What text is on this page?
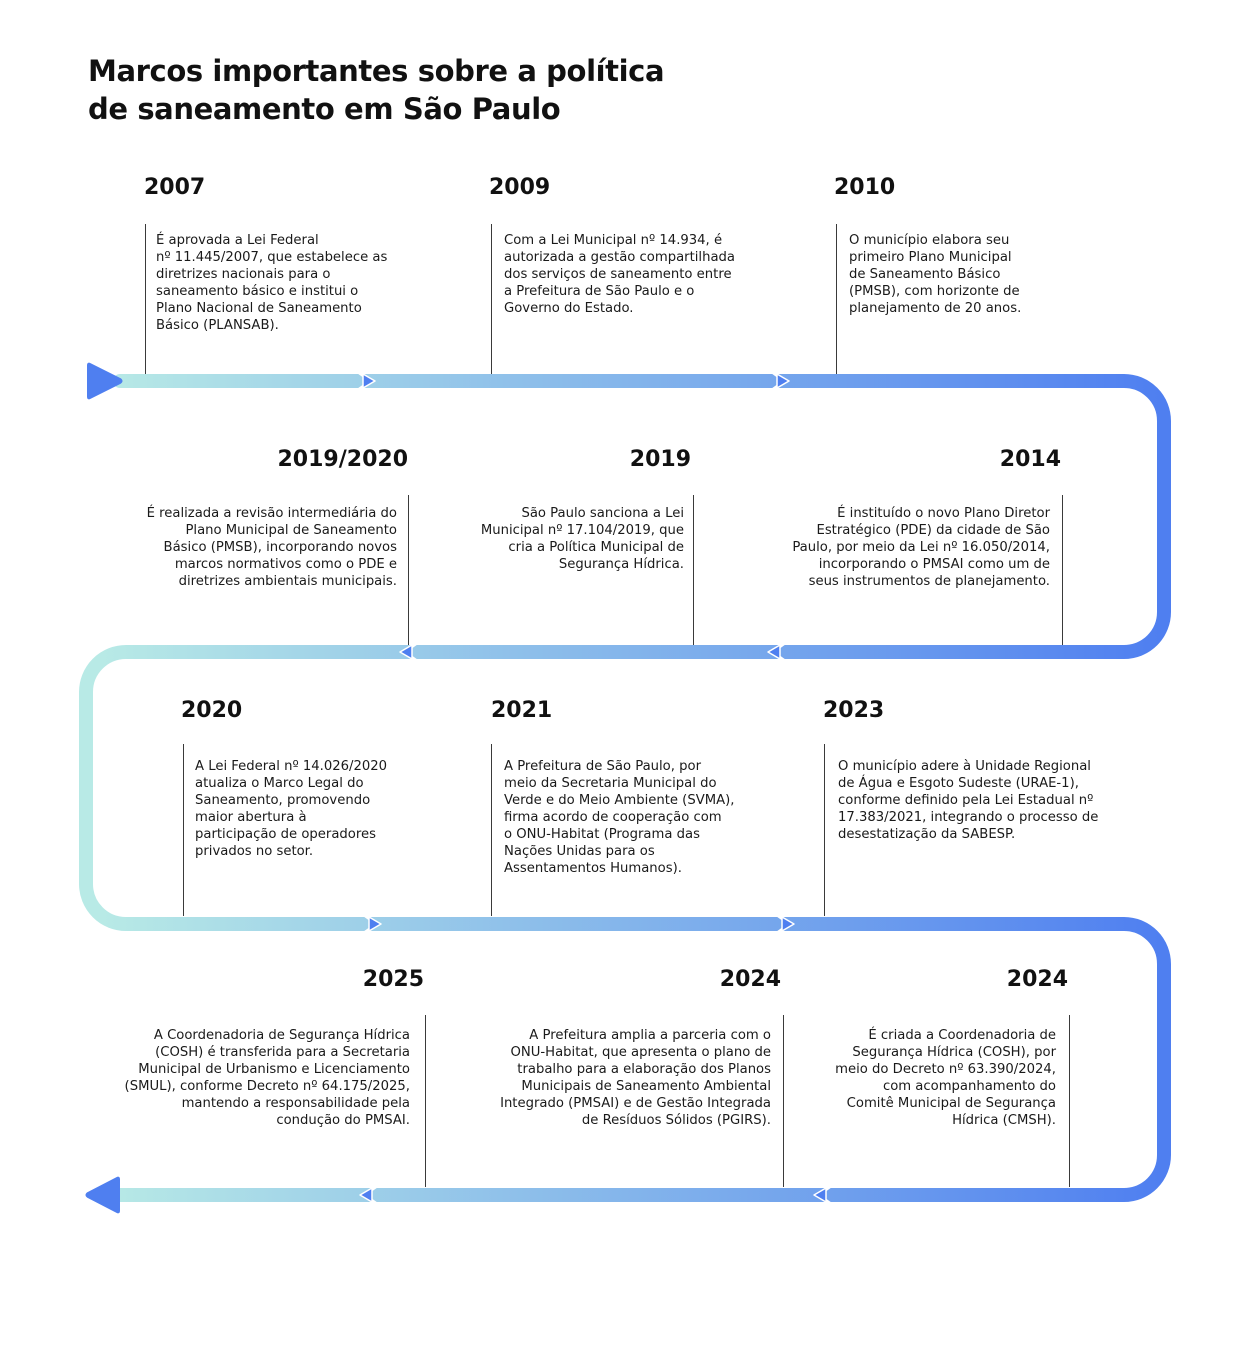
Marcos importantes sobre a política
de saneamento em São Paulo
2007
É aprovada a Lei Federal
nº 11.445/2007, que estabelece as
diretrizes nacionais para o
saneamento básico e institui o
Plano Nacional de Saneamento
Básico (PLANSAB).
2009
Com a Lei Municipal nº 14.934, é
autorizada a gestão compartilhada
dos serviços de saneamento entre
a Prefeitura de São Paulo e o
Governo do Estado.
2010
O município elabora seu
primeiro Plano Municipal
de Saneamento Básico
(PMSB), com horizonte de
planejamento de 20 anos.
2019/2020
É realizada a revisão intermediária do
Plano Municipal de Saneamento
Básico (PMSB), incorporando novos
marcos normativos como o PDE e
diretrizes ambientais municipais.
2019
São Paulo sanciona a Lei
Municipal nº 17.104/2019, que
cria a Política Municipal de
Segurança Hídrica.
2014
É instituído o novo Plano Diretor
Estratégico (PDE) da cidade de São
Paulo, por meio da Lei nº 16.050/2014,
incorporando o PMSAI como um de
seus instrumentos de planejamento.
2020
A Lei Federal nº 14.026/2020
atualiza o Marco Legal do
Saneamento, promovendo
maior abertura à
participação de operadores
privados no setor.
2021
A Prefeitura de São Paulo, por
meio da Secretaria Municipal do
Verde e do Meio Ambiente (SVMA),
firma acordo de cooperação com
o ONU-Habitat (Programa das
Nações Unidas para os
Assentamentos Humanos).
2023
O município adere à Unidade Regional
de Água e Esgoto Sudeste (URAE-1),
conforme definido pela Lei Estadual nº
17.383/2021, integrando o processo de
desestatização da SABESP.
2025
A Coordenadoria de Segurança Hídrica
(COSH) é transferida para a Secretaria
Municipal de Urbanismo e Licenciamento
(SMUL), conforme Decreto nº 64.175/2025,
mantendo a responsabilidade pela
condução do PMSAI.
2024
A Prefeitura amplia a parceria com o
ONU-Habitat, que apresenta o plano de
trabalho para a elaboração dos Planos
Municipais de Saneamento Ambiental
Integrado (PMSAI) e de Gestão Integrada
de Resíduos Sólidos (PGIRS).
2024
É criada a Coordenadoria de
Segurança Hídrica (COSH), por
meio do Decreto nº 63.390/2024,
com acompanhamento do
Comitê Municipal de Segurança
Hídrica (CMSH).
